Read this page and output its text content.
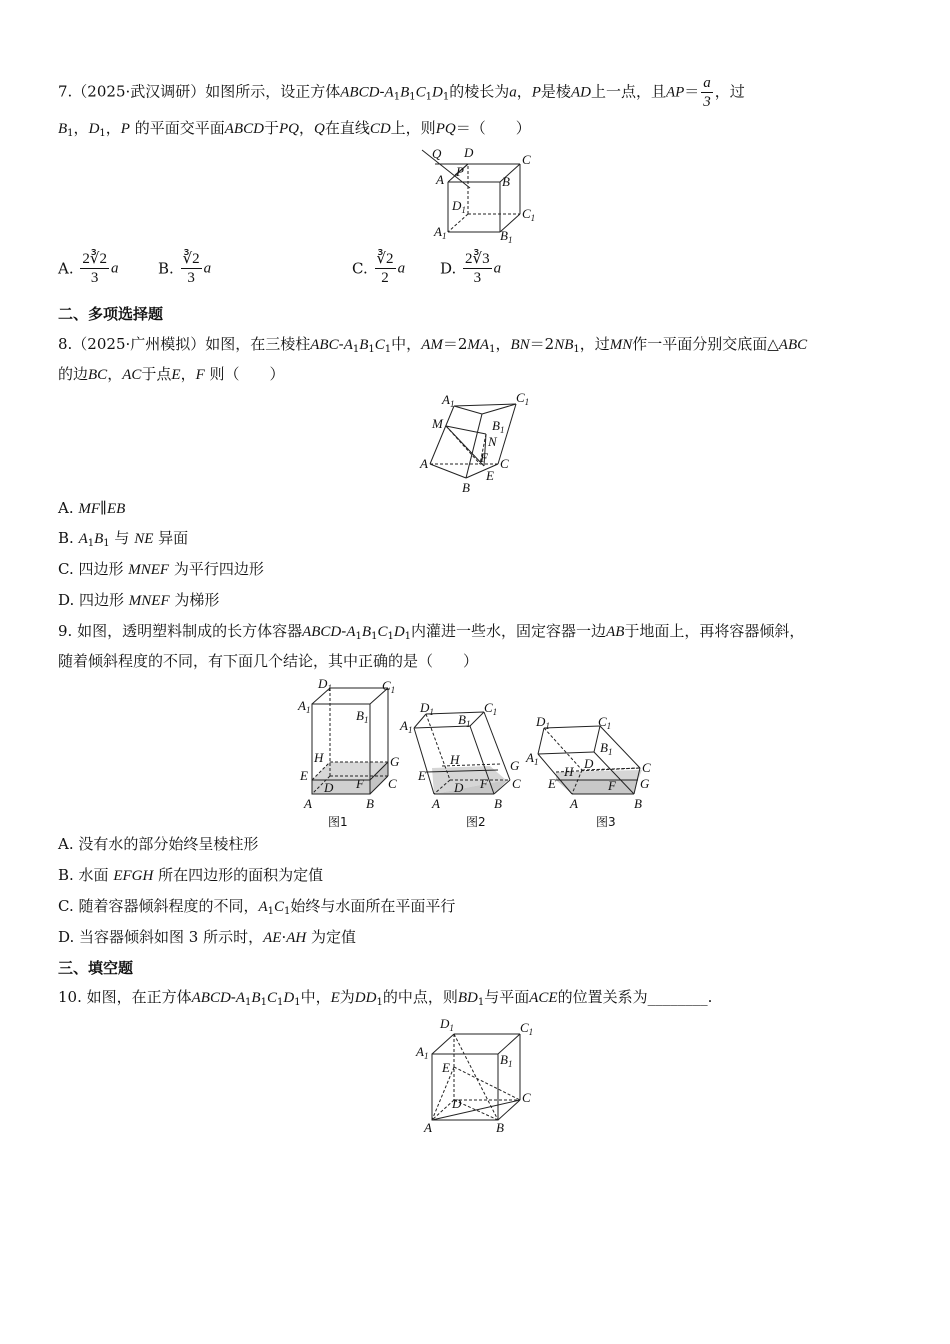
7.（2025·武汉调研）如图所示，设正方体ABCD-$A_1B_1C_1D_1$的棱长为a，P是棱AD上一点，且$AP= \frac{a}{3}$ ，过
$B_1$，$D_1$，P 的平面交平面ABCD于PQ，Q在直线CD上，则PQ＝（　　）
Q D	C
A
P
B
$D_1$	$C_1$
$A_1$	$B_1$
A. $\frac{2∛2}{3}$ a	B. $\frac{∛2}{3}$ a	C. $\frac{∛2}{2}$ a D. $\frac{2∛3}{3}$ a
二、多项选择题
8.（2025·广州模拟）如图，在三棱柱ABC-$A_1B_1C_1$中，$AM=2MA_1$，$BN=2NB_1$，过MN作一平面分别交底面△ABC
的边BC，AC于点E，F 则（　　）
$A_1$	$C_1$
M	$B_1$
N
F
A	C
E
B
A. MF∥EB
B. $A_1B_1$ 与 NE 异面
C. 四边形 MNEF 为平行四边形
D. 四边形 MNEF 为梯形
9. 如图，透明塑料制成的长方体容器ABCD-$A_1B_1C_1D_1$内灌进一些水，固定容器一边AB于地面上，再将容器倾斜，
随着倾斜程度的不同，有下面几个结论，其中正确的是（　　）
$D_1$	$C_1$
$A_1$	$B_1$
H	G
E
C
D F
A	B
图1
$D_1$	$C_1$
$A_1$
$B_1$
H	G
E
C
D F
A	B
图2
$D_1$	$C_1$
$A_1$
$B_1$
H
D	C
E	F G
A	B
图3
A. 没有水的部分始终呈棱柱形
B. 水面 EFGH 所在四边形的面积为定值
C. 随着容器倾斜程度的不同，$A_1C_1$始终与水面所在平面平行
D. 当容器倾斜如图 3 所示时，AE·AH 为定值
三、填空题
10. 如图，在正方体ABCD-$A_1B_1C_1D_1$中，E为$DD_1$的中点，则$BD_1$与平面ACE的位置关系为________.
$D_1$	$C_1$
$A_1$	$B_1$
E
D	C
A	B
